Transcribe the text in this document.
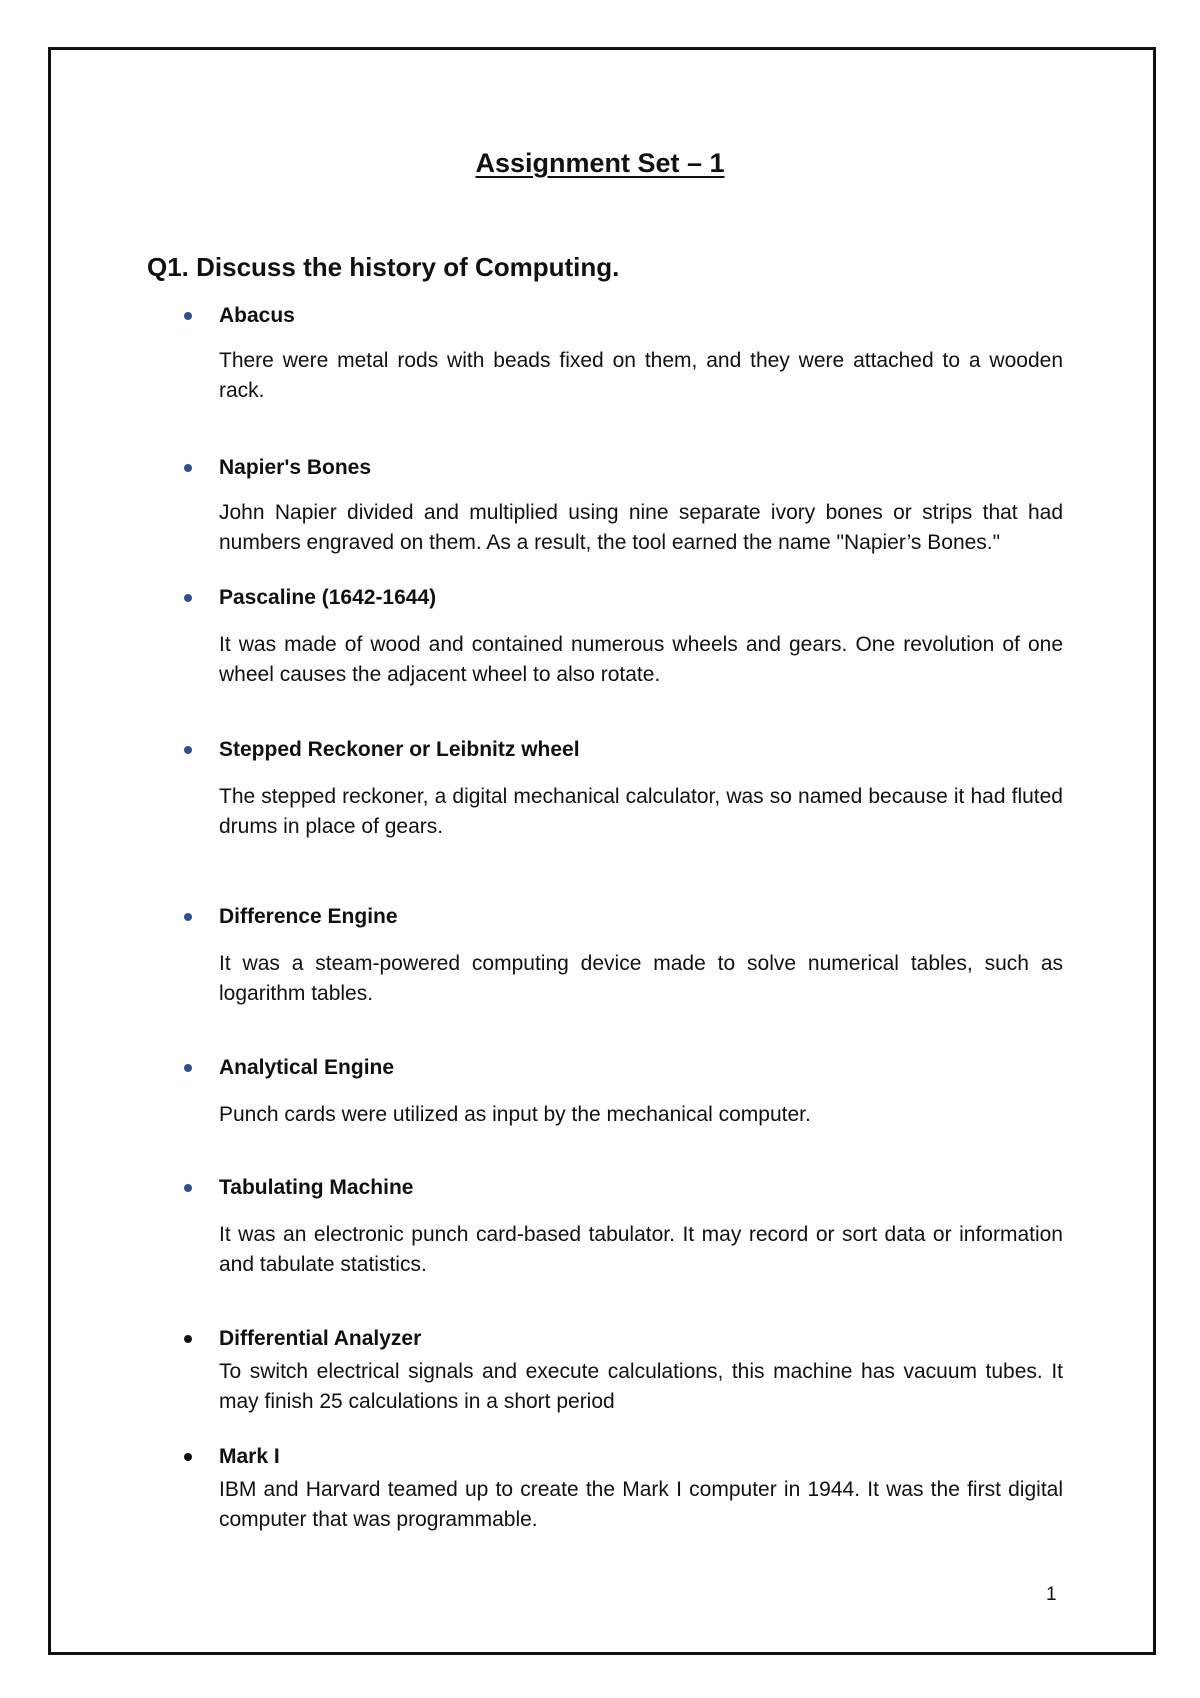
Assignment Set – 1
Q1. Discuss the history of Computing.
Abacus
There were metal rods with beads fixed on them, and they were attached to a wooden rack.
Napier's Bones
John Napier divided and multiplied using nine separate ivory bones or strips that had numbers engraved on them. As a result, the tool earned the name "Napier’s Bones."
Pascaline (1642-1644)
It was made of wood and contained numerous wheels and gears. One revolution of one wheel causes the adjacent wheel to also rotate.
Stepped Reckoner or Leibnitz wheel
The stepped reckoner, a digital mechanical calculator, was so named because it had fluted drums in place of gears.
Difference Engine
It was a steam-powered computing device made to solve numerical tables, such as logarithm tables.
Analytical Engine
Punch cards were utilized as input by the mechanical computer.
Tabulating Machine
It was an electronic punch card-based tabulator. It may record or sort data or information and tabulate statistics.
Differential Analyzer
To switch electrical signals and execute calculations, this machine has vacuum tubes. It may finish 25 calculations in a short period
Mark I
IBM and Harvard teamed up to create the Mark I computer in 1944. It was the first digital computer that was programmable.
1
